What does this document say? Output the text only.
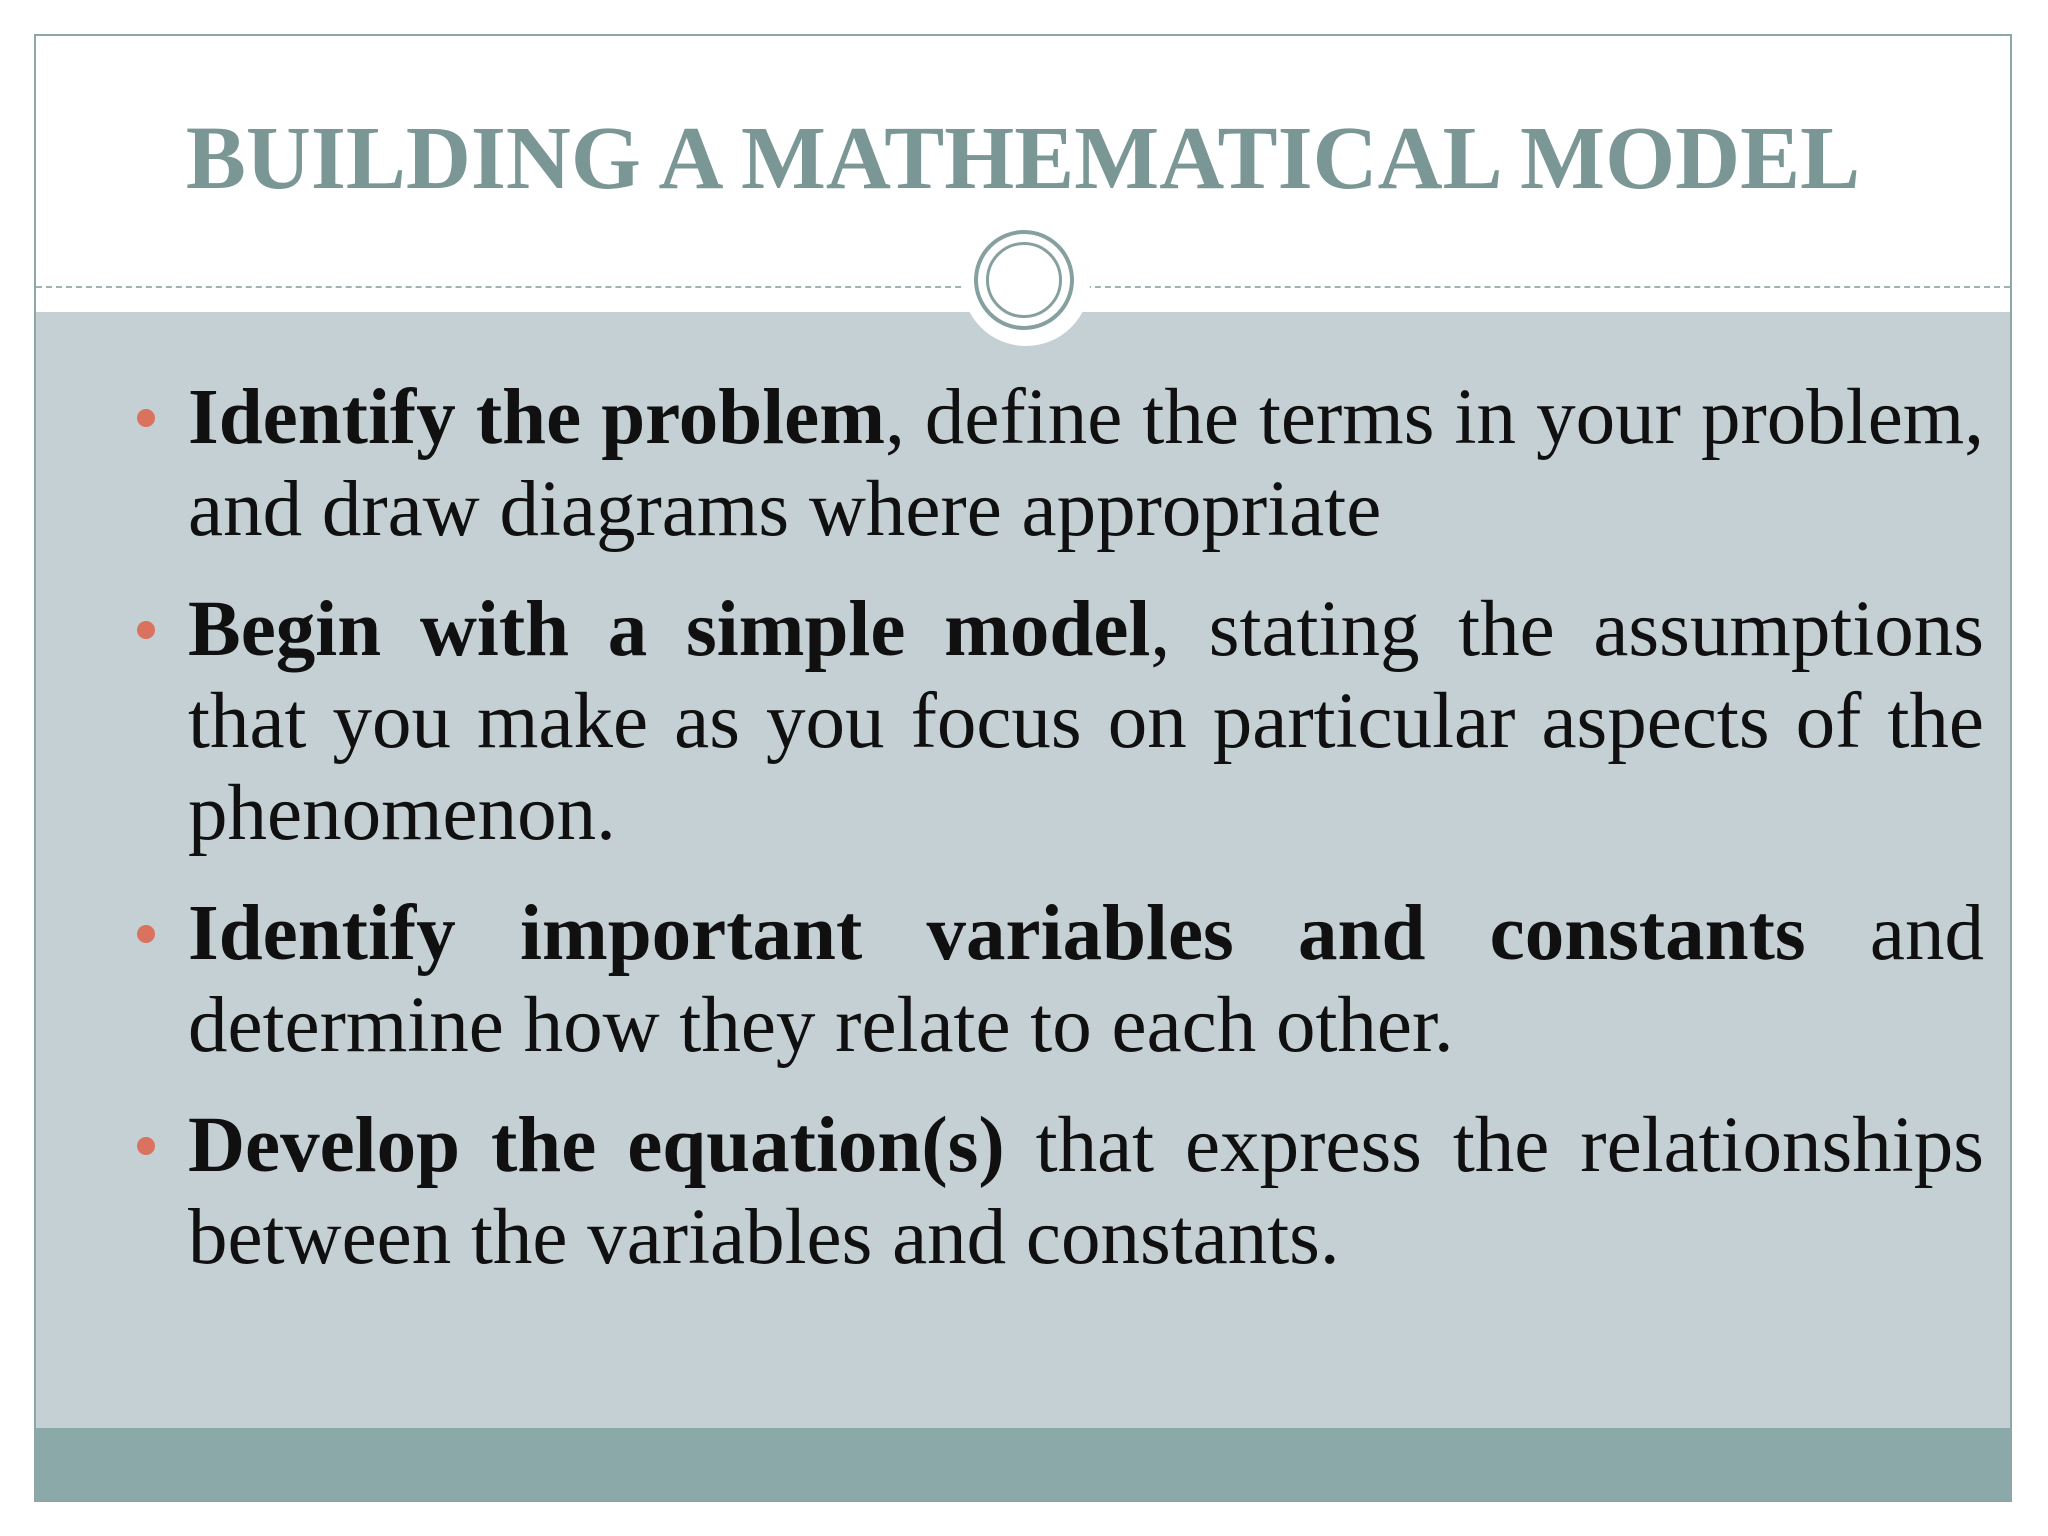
BUILDING A MATHEMATICAL MODEL
Identify the problem, define the terms in your problem, and draw diagrams where appropriate
Begin with a simple model, stating the assumptions that you make as you focus on particular aspects of the phenomenon.
Identify important variables and constants and determine how they relate to each other.
Develop the equation(s) that express the relationships between the variables and constants.
